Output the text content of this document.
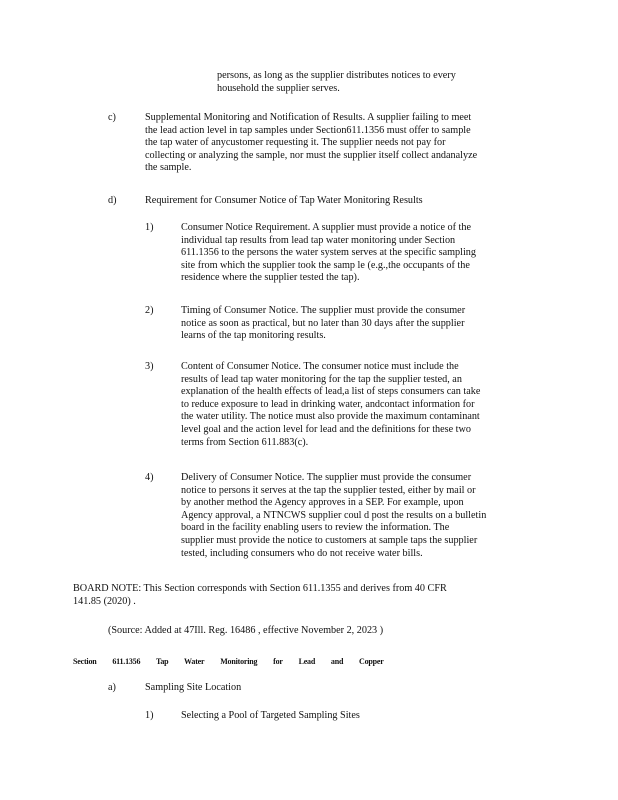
persons, as long as the supplier distributes notices to every
household the supplier serves.
c)	Supplemental Monitoring and Notification of Results. A supplier failing to meet
the lead action level in tap samples under Section611.1356 must offer to sample
the tap water of anycustomer requesting it. The supplier needs not pay for
collecting or analyzing the sample, nor must the supplier itself collect andanalyze
the sample.
d)	Requirement for Consumer Notice of Tap Water Monitoring Results
1)	Consumer Notice Requirement. A supplier must provide a notice of the
individual tap results from lead tap water monitoring under Section
611.1356 to the persons the water system serves at the specific sampling
site from which the supplier took the samp le (e.g.,the occupants of the
residence where the supplier tested the tap).
2)	Timing of Consumer Notice. The supplier must provide the consumer
notice as soon as practical, but no later than 30 days after the supplier
learns of the tap monitoring results.
3)	Content of Consumer Notice. The consumer notice must include the
results of lead tap water monitoring for the tap the supplier tested, an
explanation of the health effects of lead,a list of steps consumers can take
to reduce exposure to lead in drinking water, andcontact information for
the water utility. The notice must also provide the maximum contaminant
level goal and the action level for lead and the definitions for these two
terms from Section 611.883(c).
4)	Delivery of Consumer Notice. The supplier must provide the consumer
notice to persons it serves at the tap the supplier tested, either by mail or
by another method the Agency approves in a SEP. For example, upon
Agency approval, a NTNCWS supplier coul d post the results on a bulletin
board in the facility enabling users to review the information. The
supplier must provide the notice to customers at sample taps the supplier
tested, including consumers who do not receive water bills.
BOARD NOTE: This Section corresponds with Section 611.1355 and derives from 40 CFR
141.85 (2020) .
(Source: Added at 47Ill. Reg. 16486 , effective November 2, 2023 )
Section 611.1356 Tap Water Monitoring for Lead and Copper
a)	Sampling Site Location
1)	Selecting a Pool of Targeted Sampling Sites
